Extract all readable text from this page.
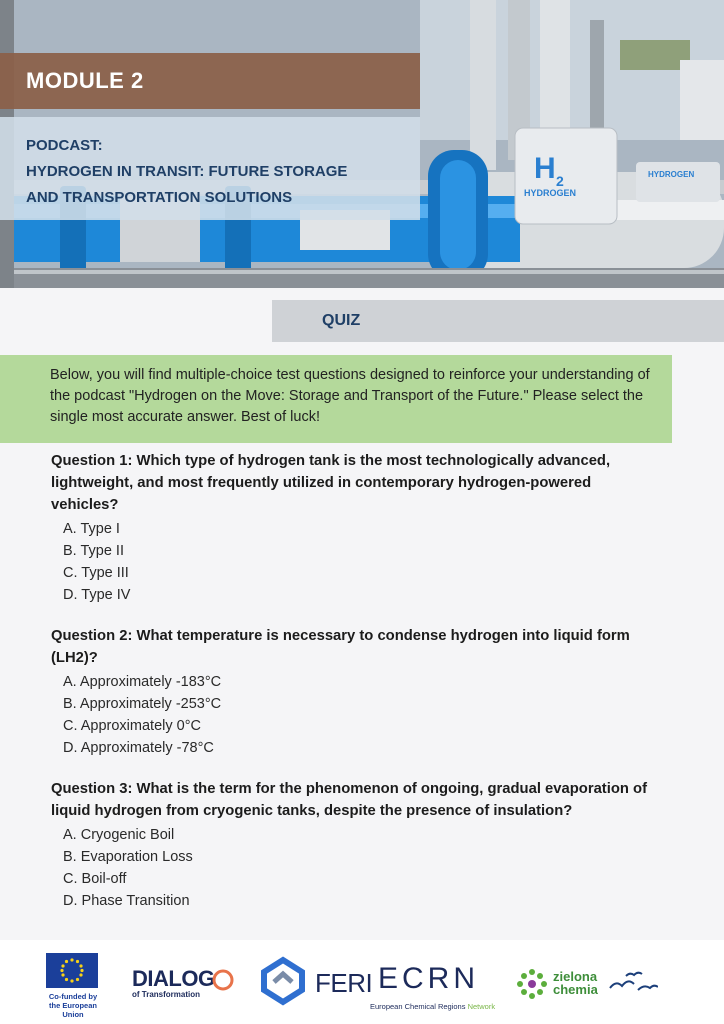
H 2
HYDROGEN
HYDROGEN
MODULE 2
PODCAST:
HYDROGEN IN TRANSIT: FUTURE STORAGE
AND TRANSPORTATION SOLUTIONS
QUIZ

Below, you will find multiple-choice test questions designed to reinforce your understanding of the podcast "Hydrogen on the Move: Storage and Transport of the Future." Please select the single most accurate answer. Best of luck!

Question 1: Which type of hydrogen tank is the most technologically advanced, lightweight, and most frequently utilized in contemporary hydrogen-powered vehicles?

A. Type I
B. Type II
C. Type III
D. Type IV

Question 2: What temperature is necessary to condense hydrogen into liquid form (LH2)?

A. Approximately -183°C
B. Approximately -253°C
C. Approximately 0°C
D. Approximately -78°C

Question 3: What is the term for the phenomenon of ongoing, gradual evaporation of liquid hydrogen from cryogenic tanks, despite the presence of insulation?

A. Cryogenic Boil
B. Evaporation Loss
C. Boil-off
D. Phase Transition
Co-funded by
the European Union
DIALOG
of Transformation	FERI ECRN
European Chemical Regions Network
zielona
chemia
